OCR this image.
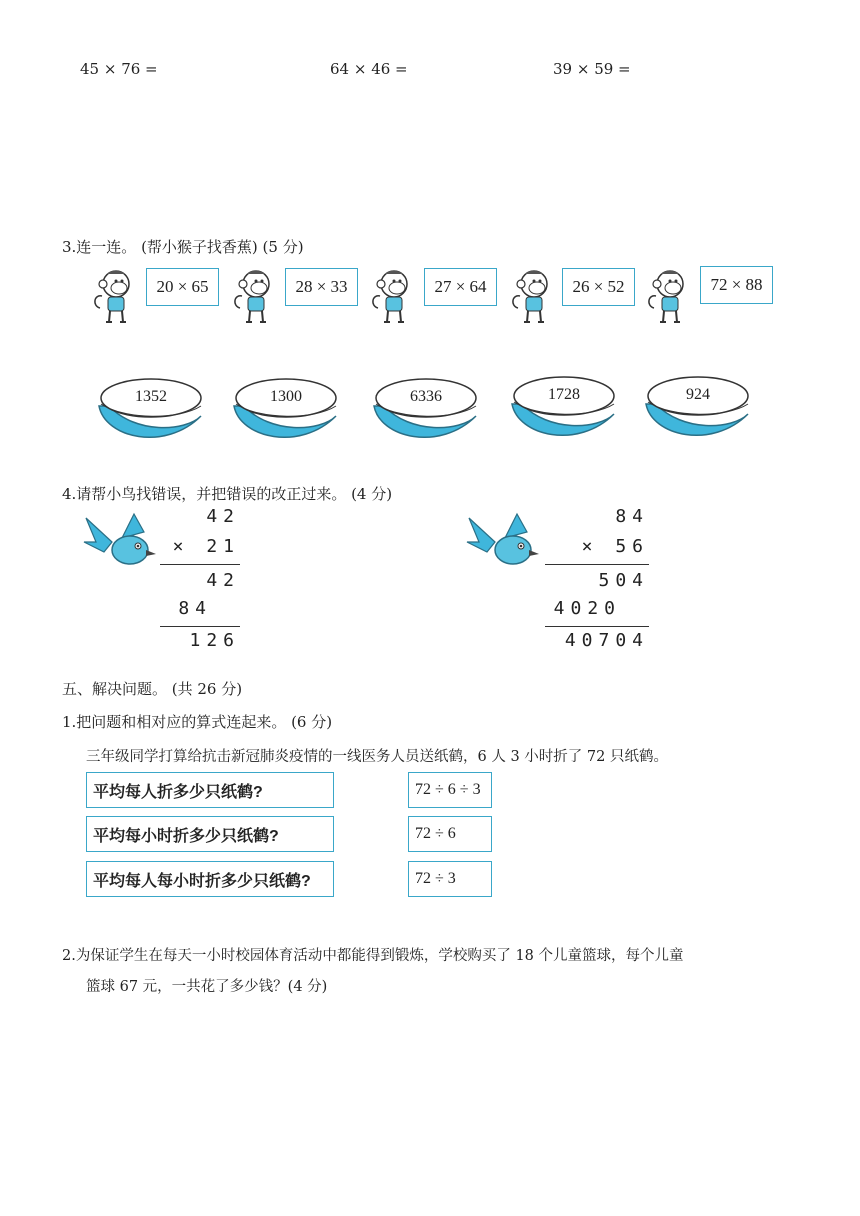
45 × 76 =	64 × 46 =	39 × 59 =
3.连一连。 (帮小猴子找香蕉) (5 分)
20 × 65	28 × 33	27 × 64	26 × 52	72 × 88
1352	1300	6336	1728	924
4.请帮小鸟找错误，并把错误的改正过来。 (4 分)
42
× 21
42
84
126
84
× 56
504
4020
40704
五、解决问题。 (共 26 分)
1.把问题和相对应的算式连起来。 (6 分)
三年级同学打算给抗击新冠肺炎疫情的一线医务人员送纸鹤，6 人 3 小时折了 72 只纸鹤。
平均每人折多少只纸鹤?
平均每小时折多少只纸鹤?
平均每人每小时折多少只纸鹤?
72 ÷ 6 ÷ 3
72 ÷ 6
72 ÷ 3
2.为保证学生在每天一小时校园体育活动中都能得到锻炼，学校购买了 18 个儿童篮球，每个儿童
篮球 67 元，一共花了多少钱？(4 分)
